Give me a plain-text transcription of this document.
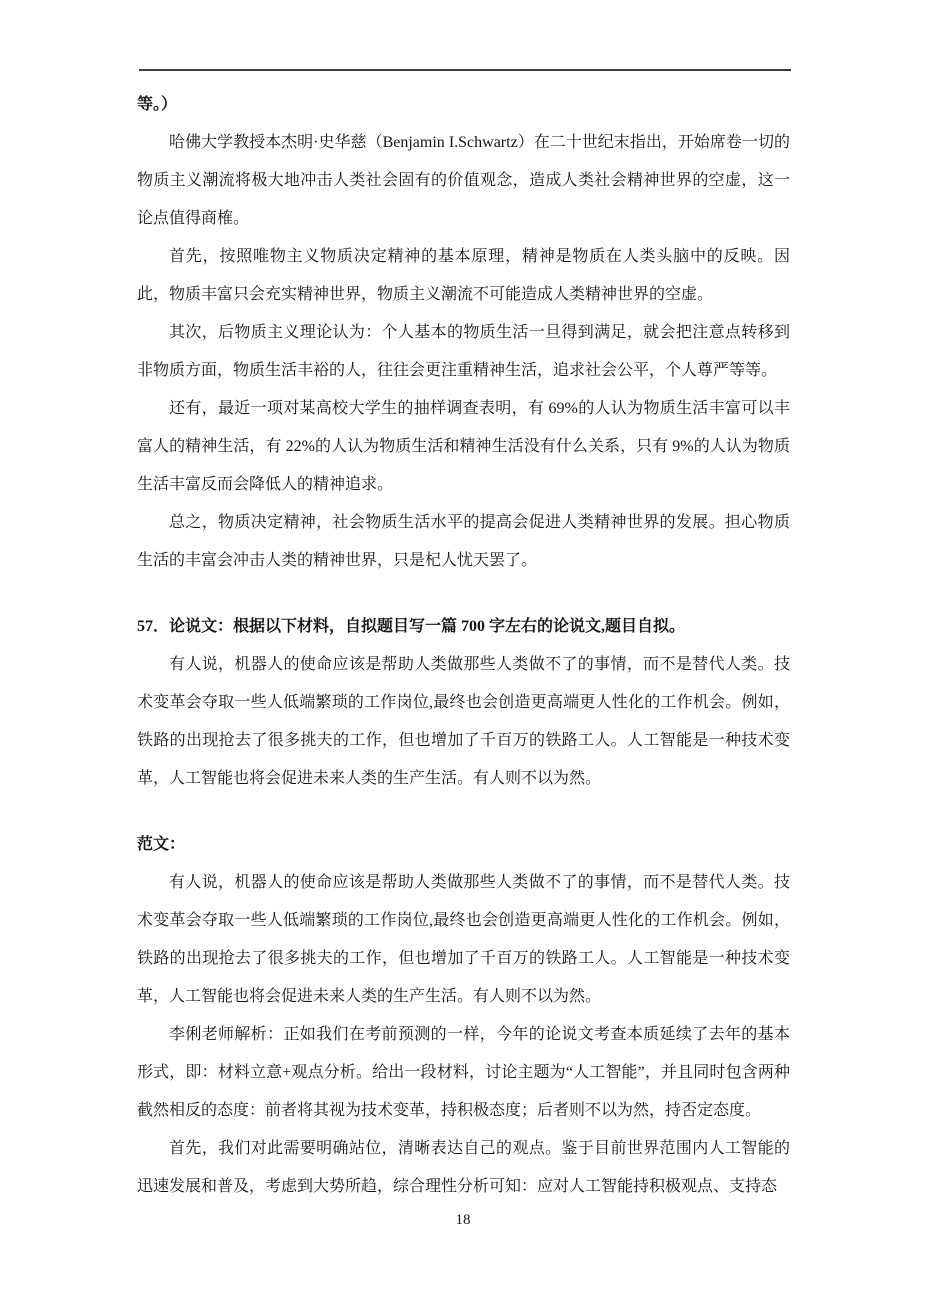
等。）

哈佛大学教授本杰明·史华慈（Benjamin I.Schwartz）在二十世纪末指出，开始席卷一切的物质主义潮流将极大地冲击人类社会固有的价值观念，造成人类社会精神世界的空虚，这一论点值得商榷。

首先，按照唯物主义物质决定精神的基本原理，精神是物质在人类头脑中的反映。因此，物质丰富只会充实精神世界，物质主义潮流不可能造成人类精神世界的空虚。

其次，后物质主义理论认为：个人基本的物质生活一旦得到满足，就会把注意点转移到非物质方面，物质生活丰裕的人，往往会更注重精神生活，追求社会公平，个人尊严等等。

还有，最近一项对某高校大学生的抽样调查表明，有 69%的人认为物质生活丰富可以丰富人的精神生活，有 22%的人认为物质生活和精神生活没有什么关系，只有 9%的人认为物质生活丰富反而会降低人的精神追求。

总之，物质决定精神，社会物质生活水平的提高会促进人类精神世界的发展。担心物质生活的丰富会冲击人类的精神世界，只是杞人忧天罢了。

57．论说文：根据以下材料，自拟题目写一篇 700 字左右的论说文,题目自拟。

有人说，机器人的使命应该是帮助人类做那些人类做不了的事情，而不是替代人类。技术变革会夺取一些人低端繁琐的工作岗位,最终也会创造更高端更人性化的工作机会。例如，铁路的出现抢去了很多挑夫的工作，但也增加了千百万的铁路工人。人工智能是一种技术变革，人工智能也将会促进未来人类的生产生活。有人则不以为然。

范文：

有人说，机器人的使命应该是帮助人类做那些人类做不了的事情，而不是替代人类。技术变革会夺取一些人低端繁琐的工作岗位,最终也会创造更高端更人性化的工作机会。例如，铁路的出现抢去了很多挑夫的工作，但也增加了千百万的铁路工人。人工智能是一种技术变革，人工智能也将会促进未来人类的生产生活。有人则不以为然。

李俐老师解析：正如我们在考前预测的一样，今年的论说文考查本质延续了去年的基本形式，即：材料立意+观点分析。给出一段材料，讨论主题为“人工智能”，并且同时包含两种截然相反的态度：前者将其视为技术变革，持积极态度；后者则不以为然，持否定态度。

首先，我们对此需要明确站位，清晰表达自己的观点。鉴于目前世界范围内人工智能的迅速发展和普及，考虑到大势所趋，综合理性分析可知：应对人工智能持积极观点、支持态

18
